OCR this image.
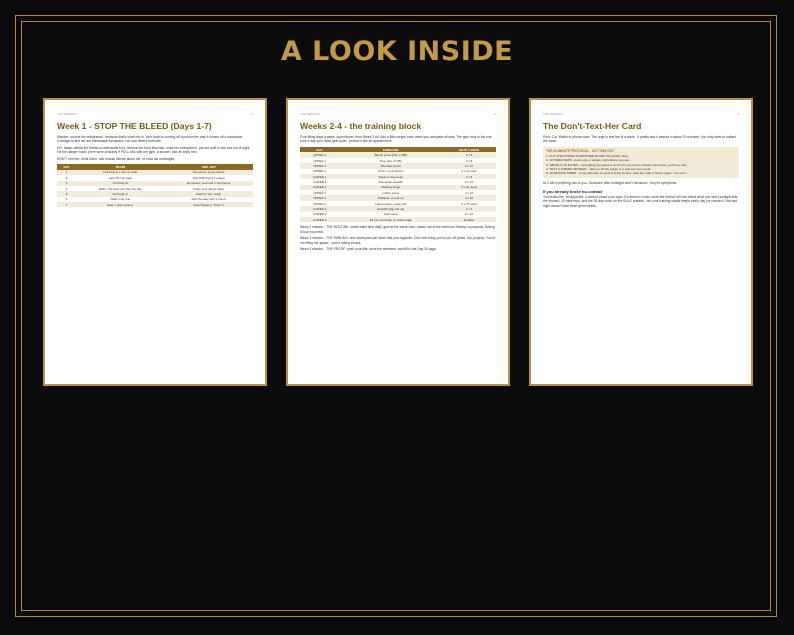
A LOOK INSIDE
THE REBUILD	3
Week 1 - STOP THE BLEED (Days 1-7)

Mission: survive the withdrawal - because that's what this is. Your brain is coming off a person the way it comes off a substance. Cravings to text her are withdrawal symptoms, not love letters from fate.

DO, today: delete the thread (screenshots too), remove her from favorites, mute her everywhere, put her stuff in one box out of sight. Fill the danger hours (here were probably 9 PM-1 AM) with the gym, a shower, and an early bed.

DON'T: text her, drink alone, ask mutual friends about her, re-read old messages.

DAY	TRAIN	ONE JOB
1	Full body A + 20 min walk	The phone purge above
2	Hard 30 min walk	Tell ONE friend it ended
3	Full body B	Groceries, real food in the house
4	Walk + 50 push-ups thru the day	Clean your whole place
5	Full body C	Haircut. Yes, really
6	Walk, long one	Plan Sunday with a friend
7	Rest + prep week 2	Read Week 2. That's it
THE REBUILD	4
Weeks 2-4 - the training block

Four lifting days a week, upper/lower, from Week 2 on. Add a little weight each week you complete all sets. The gym hour is the one hour a day your head gets quiet - protect it like an appointment.

DAY	EXERCISE	SETS x REPS
UPPER 1	Bench press (bar or DB)	4 x 8
UPPER 1	Row (bar or DB)	4 x 8
UPPER 1	Shoulder press	3 x 10
UPPER 1	Curls + pushdowns	3 x 12 each
LOWER 1	Squat or leg press	4 x 8
LOWER 1	Romanian deadlift	3 x 10
LOWER 1	Walking lunge	3 x 20 steps
UPPER 2	Incline press	4 x 10
UPPER 2	Pulldown or pull-up	4 x 10
UPPER 2	Lateral raise + face pull	3 x 15 each
LOWER 2	Deadlift (trap bar ok)	4 x 6
LOWER 2	Split squat	3 x 10
LOWER 2	10 min hard bike or incline walk	Finisher

Week 2 mission - THE ROUTINE: same wake time daily, gym at the same hour, phone out of the bedroom. Boring on purpose. Boring is how you heal.

Week 3 mission - THE REBUILD: one social plan per week that you organize. One new thing you've put off (class, trip, project). You're not filling her space - you're taking it back.

Week 4 mission - THE PROOF: push your lifts, book the weekend, and fill in the Day 30 page.

THE REBUILD	5
The Don't-Text-Her Card

Print. Cut. Wallet or phone case. The urge to text her is a wave - it peaks and it passes in about 20 minutes. You only have to outlast the wave.

THE 20-MINUTE PROTOCOL - CUT THIS OUT
1. PUT THE PHONE IN ANOTHER ROOM. Physically. Now.
2. 20 HARD REPS - push-ups or squats, right where you are.
3. WRITE IT IN NOTES - everything you want to send. Do not send it. Read it tomorrow; you'll see why.
4. TEXT A FRIEND INSTEAD - 'talk me off the ledge' is a real text men send.
5. 20-MINUTE TIMER - if you still want to send it at the buzzer, read the note in Notes again. You won't.

At 2 AM everything has to you. Decisions after midnight aren't decisions - they're symptoms.

If you already broke no-contact

You texted her. It happened; it doesn't erase your days. Do these in order: mute the thread, tell one friend what you sent (sunlight kills the shame), 20 hard reps, and the 30-day clock on the RULE restarts - but your training streak keeps every day you earned. One bad night doesn't beat three good weeks.
